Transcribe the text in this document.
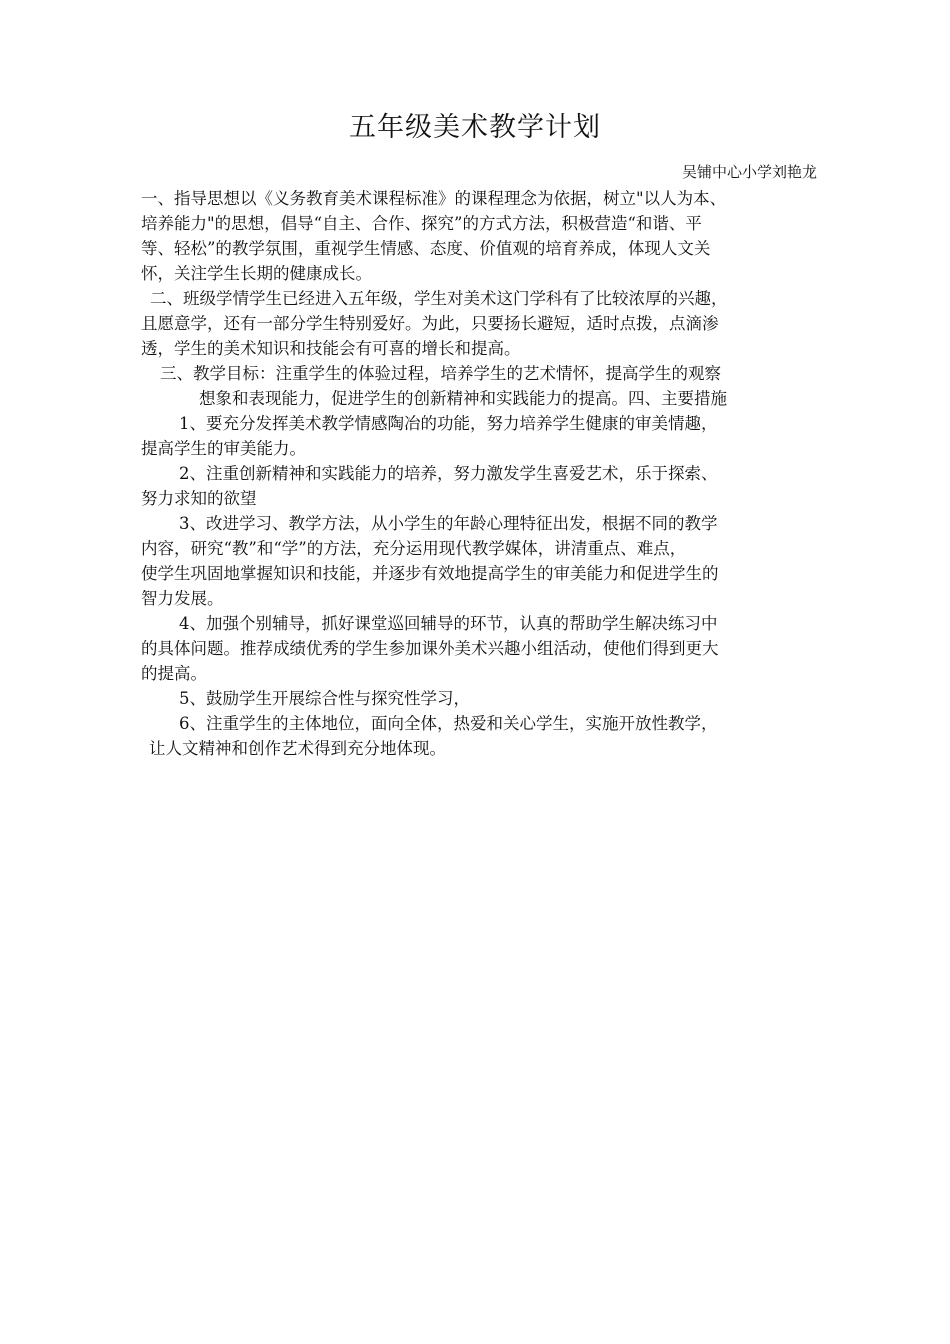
五年级美术教学计划
吴铺中心小学刘艳龙
一、指导思想以《义务教育美术课程标准》的课程理念为依据，树立"以人为本、
培养能力"的思想，倡导“自主、合作、探究”的方式方法，积极营造“和谐、平
等、轻松”的教学氛围，重视学生情感、态度、价值观的培育养成，体现人文关
怀，关注学生长期的健康成长。
二、班级学情学生已经进入五年级，学生对美术这门学科有了比较浓厚的兴趣，
且愿意学，还有一部分学生特别爱好。为此，只要扬长避短，适时点拨，点滴渗
透，学生的美术知识和技能会有可喜的增长和提高。
三、教学目标：注重学生的体验过程，培养学生的艺术情怀，提高学生的观察
想象和表现能力，促进学生的创新精神和实践能力的提高。四、主要措施
1、要充分发挥美术教学情感陶冶的功能，努力培养学生健康的审美情趣，
提高学生的审美能力。
2、注重创新精神和实践能力的培养，努力激发学生喜爱艺术，乐于探索、
努力求知的欲望
3、改进学习、教学方法，从小学生的年龄心理特征出发，根据不同的教学
内容，研究“教”和“学”的方法，充分运用现代教学媒体，讲清重点、难点，
使学生巩固地掌握知识和技能，并逐步有效地提高学生的审美能力和促进学生的
智力发展。
4、加强个别辅导，抓好课堂巡回辅导的环节，认真的帮助学生解决练习中
的具体问题。推荐成绩优秀的学生参加课外美术兴趣小组活动，使他们得到更大
的提高。
5、鼓励学生开展综合性与探究性学习，
6、注重学生的主体地位，面向全体，热爱和关心学生，实施开放性教学，
让人文精神和创作艺术得到充分地体现。
